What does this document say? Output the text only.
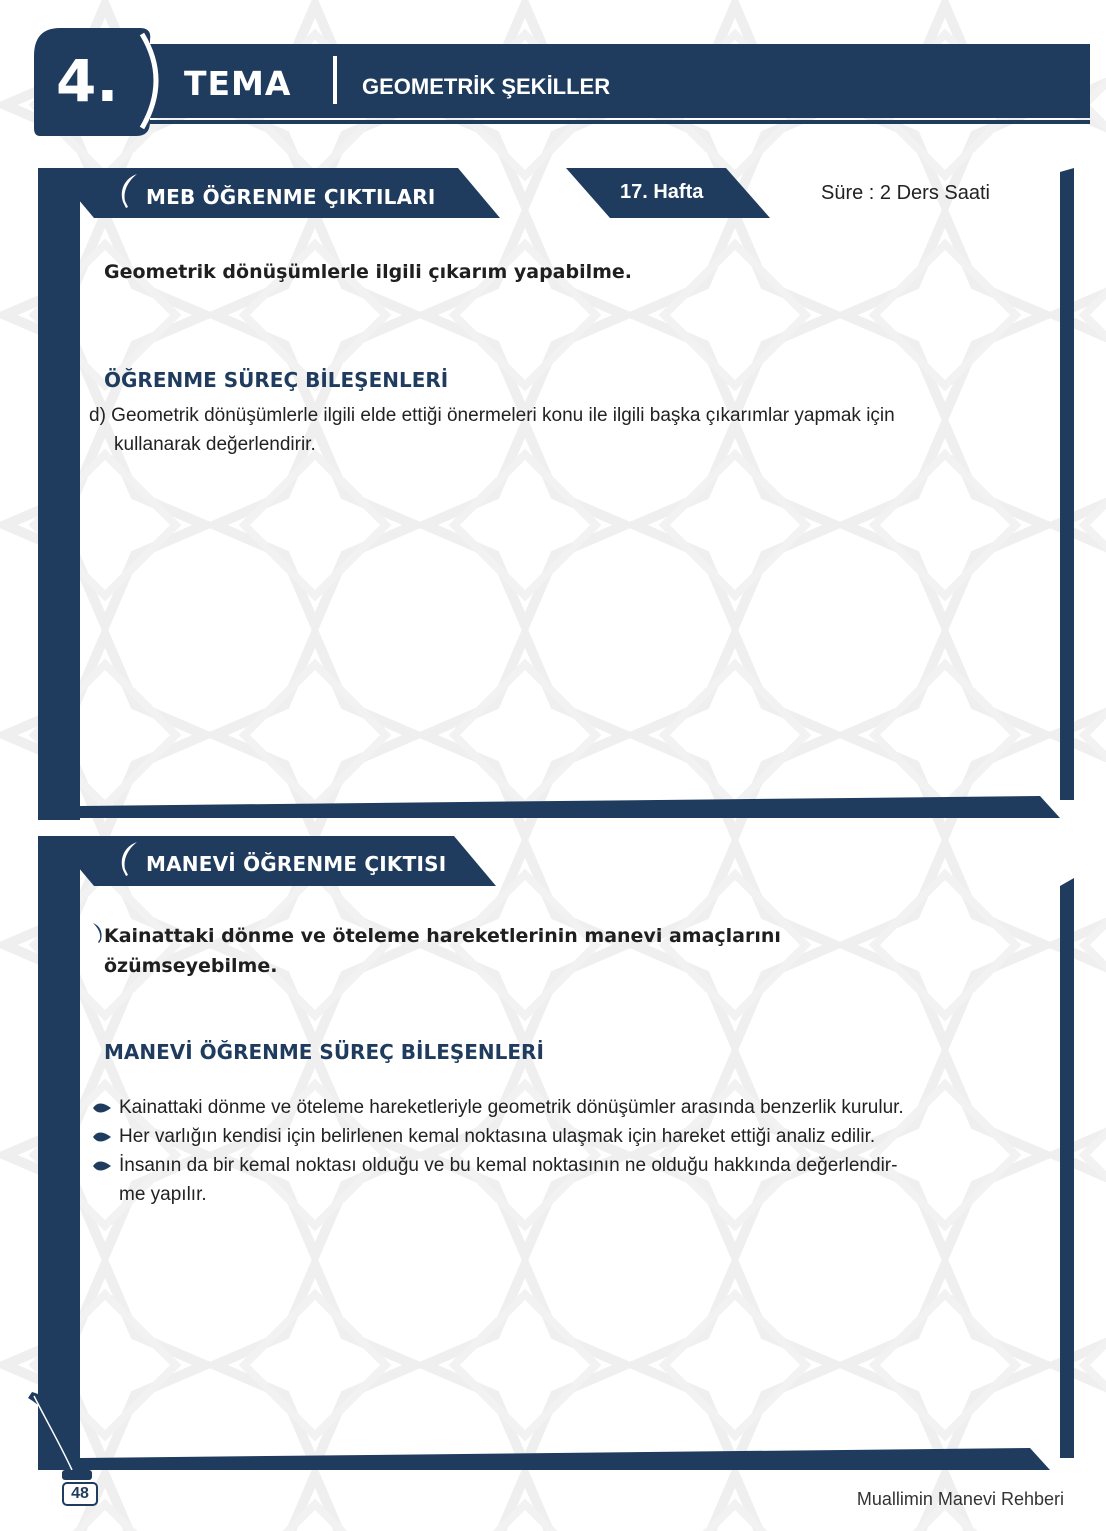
4.	TEMA	GEOMETRİK ŞEKİLLER
MEB ÖĞRENME ÇIKTILARI	17. Hafta	Süre : 2 Ders Saati
Geometrik dönüşümlerle ilgili çıkarım yapabilme.
ÖĞRENME SÜREÇ BİLEŞENLERİ
d) Geometrik dönüşümlerle ilgili elde ettiği önermeleri konu ile ilgili başka çıkarımlar yapmak için
kullanarak değerlendirir.
MANEVİ ÖĞRENME ÇIKTISI
Kainattaki dönme ve öteleme hareketlerinin manevi amaçlarını
özümseyebilme.
MANEVİ ÖĞRENME SÜREÇ BİLEŞENLERİ
Kainattaki dönme ve öteleme hareketleriyle geometrik dönüşümler arasında benzerlik kurulur.
Her varlığın kendisi için belirlenen kemal noktasına ulaşmak için hareket ettiği analiz edilir.
İnsanın da bir kemal noktası olduğu ve bu kemal noktasının ne olduğu hakkında değerlendir-
me yapılır.
48	Muallimin Manevi Rehberi
